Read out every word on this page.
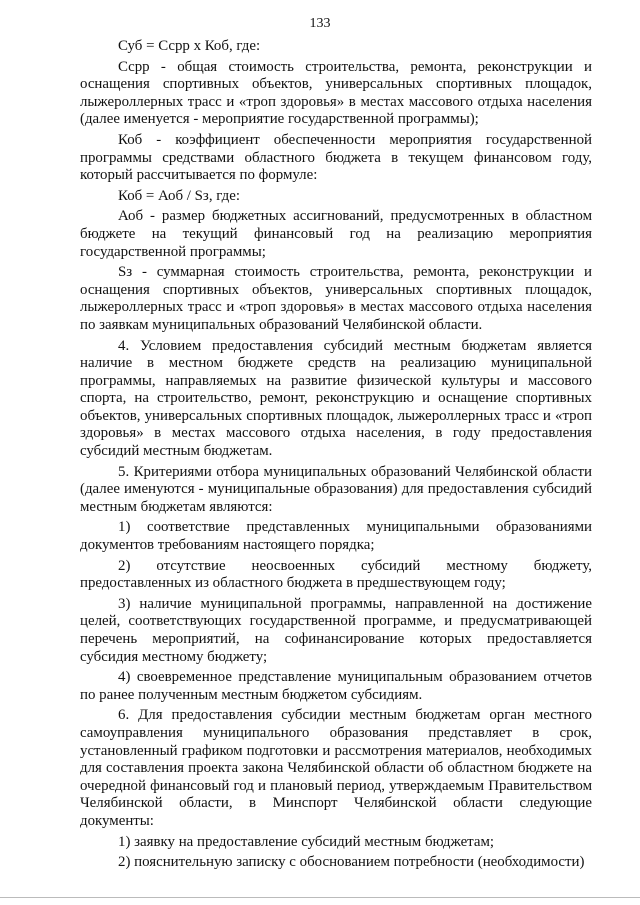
133

Суб = Ссрр х Коб, где:

Ссрр - общая стоимость строительства, ремонта, реконструкции и оснащения спортивных объектов, универсальных спортивных площадок, лыжероллерных трасс и «троп здоровья» в местах массового отдыха населения (далее именуется - мероприятие государственной программы);

Коб - коэффициент обеспеченности мероприятия государственной программы средствами областного бюджета в текущем финансовом году, который рассчитывается по формуле:

Коб = Аоб / Sз, где:

Аоб - размер бюджетных ассигнований, предусмотренных в областном бюджете на текущий финансовый год на реализацию мероприятия государственной программы;

Sз - суммарная стоимость строительства, ремонта, реконструкции и оснащения спортивных объектов, универсальных спортивных площадок, лыжероллерных трасс и «троп здоровья» в местах массового отдыха населения по заявкам муниципальных образований Челябинской области.

4. Условием предоставления субсидий местным бюджетам является наличие в местном бюджете средств на реализацию муниципальной программы, направляемых на развитие физической культуры и массового спорта, на строительство, ремонт, реконструкцию и оснащение спортивных объектов, универсальных спортивных площадок, лыжероллерных трасс и «троп здоровья» в местах массового отдыха населения, в году предоставления субсидий местным бюджетам.

5. Критериями отбора муниципальных образований Челябинской области (далее именуются - муниципальные образования) для предоставления субсидий местным бюджетам являются:

1) соответствие представленных муниципальными образованиями документов требованиям настоящего порядка;

2) отсутствие неосвоенных субсидий местному бюджету, предоставленных из областного бюджета в предшествующем году;

3) наличие муниципальной программы, направленной на достижение целей, соответствующих государственной программе, и предусматривающей перечень мероприятий, на софинансирование которых предоставляется субсидия местному бюджету;

4) своевременное представление муниципальным образованием отчетов по ранее полученным местным бюджетом субсидиям.

6. Для предоставления субсидии местным бюджетам орган местного самоуправления муниципального образования представляет в срок, установленный графиком подготовки и рассмотрения материалов, необходимых для составления проекта закона Челябинской области об областном бюджете на очередной финансовый год и плановый период, утверждаемым Правительством Челябинской области, в Минспорт Челябинской области следующие документы:

1) заявку на предоставление субсидий местным бюджетам;

2) пояснительную записку с обоснованием потребности (необходимости)
